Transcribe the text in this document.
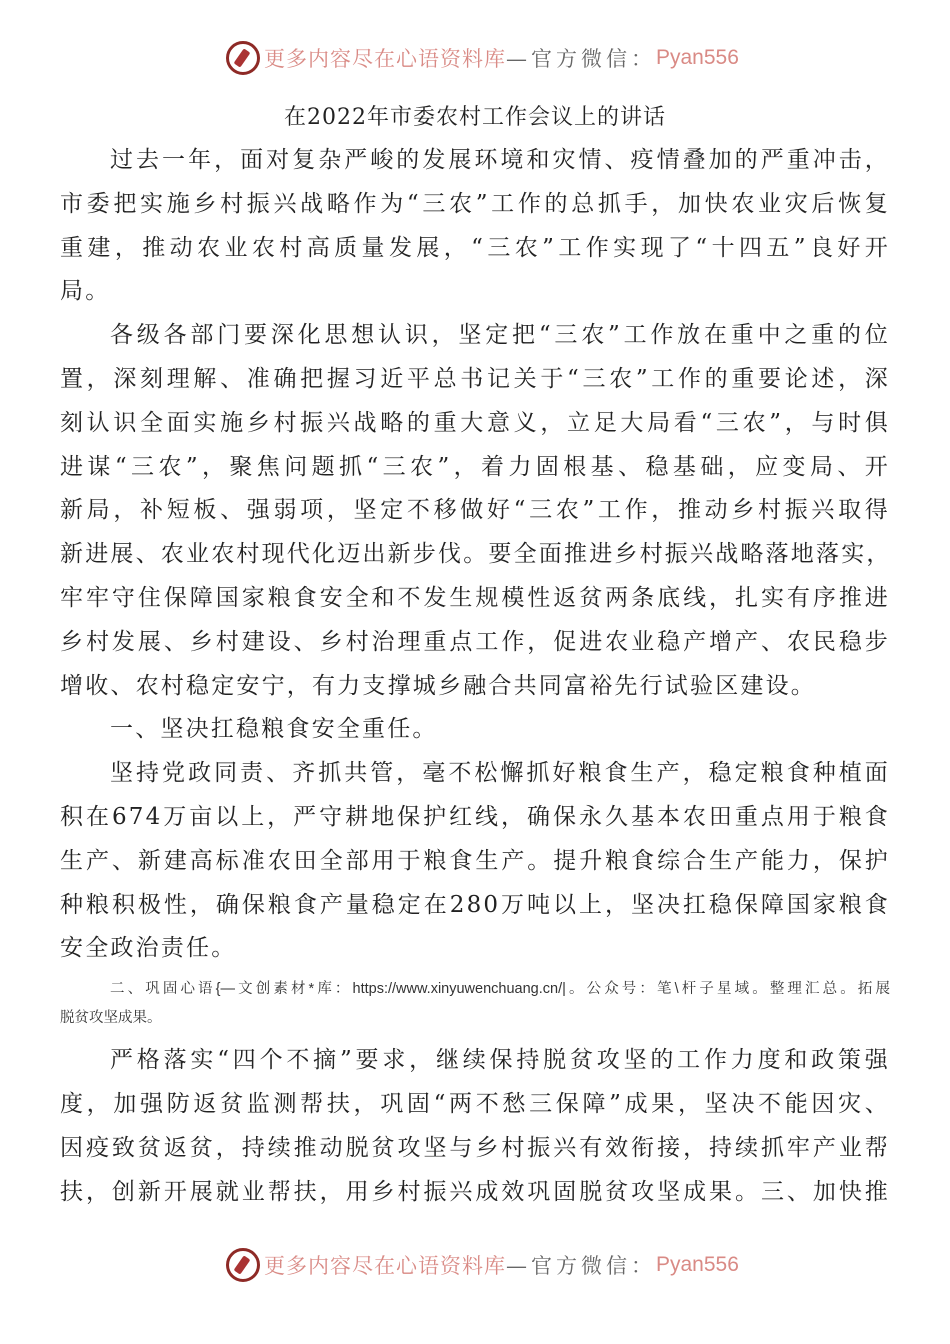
更多内容尽在心语资料库 —官方微信： Pyan556
在2022年市委农村工作会议上的讲话
过去一年，面对复杂严峻的发展环境和灾情、疫情叠加的严重冲击，
市委把实施乡村振兴战略作为“三农”工作的总抓手，加快农业灾后恢复
重建，推动农业农村高质量发展，“三农”工作实现了“十四五”良好开
局。
各级各部门要深化思想认识，坚定把“三农”工作放在重中之重的位
置，深刻理解、准确把握习近平总书记关于“三农”工作的重要论述，深
刻认识全面实施乡村振兴战略的重大意义，立足大局看“三农”，与时俱
进谋“三农”，聚焦问题抓“三农”，着力固根基、稳基础，应变局、开
新局，补短板、强弱项，坚定不移做好“三农”工作，推动乡村振兴取得
新进展、农业农村现代化迈出新步伐。要全面推进乡村振兴战略落地落实，
牢牢守住保障国家粮食安全和不发生规模性返贫两条底线，扎实有序推进
乡村发展、乡村建设、乡村治理重点工作，促进农业稳产增产、农民稳步
增收、农村稳定安宁，有力支撑城乡融合共同富裕先行试验区建设。
一、坚决扛稳粮食安全重任。
坚持党政同责、齐抓共管，毫不松懈抓好粮食生产，稳定粮食种植面
积在674万亩以上，严守耕地保护红线，确保永久基本农田重点用于粮食
生产、新建高标准农田全部用于粮食生产。提升粮食综合生产能力，保护
种粮积极性，确保粮食产量稳定在280万吨以上，坚决扛稳保障国家粮食
安全政治责任。
二、巩固心语{—文创素材*库：https://www.xinyuwenchuang.cn/|。公众号：笔\杆子星域。整理汇总。拓展
脱贫攻坚成果。
严格落实“四个不摘”要求，继续保持脱贫攻坚的工作力度和政策强
度，加强防返贫监测帮扶，巩固“两不愁三保障”成果，坚决不能因灾、
因疫致贫返贫，持续推动脱贫攻坚与乡村振兴有效衔接，持续抓牢产业帮
扶，创新开展就业帮扶，用乡村振兴成效巩固脱贫攻坚成果。三、加快推
更多内容尽在心语资料库 —官方微信： Pyan556
